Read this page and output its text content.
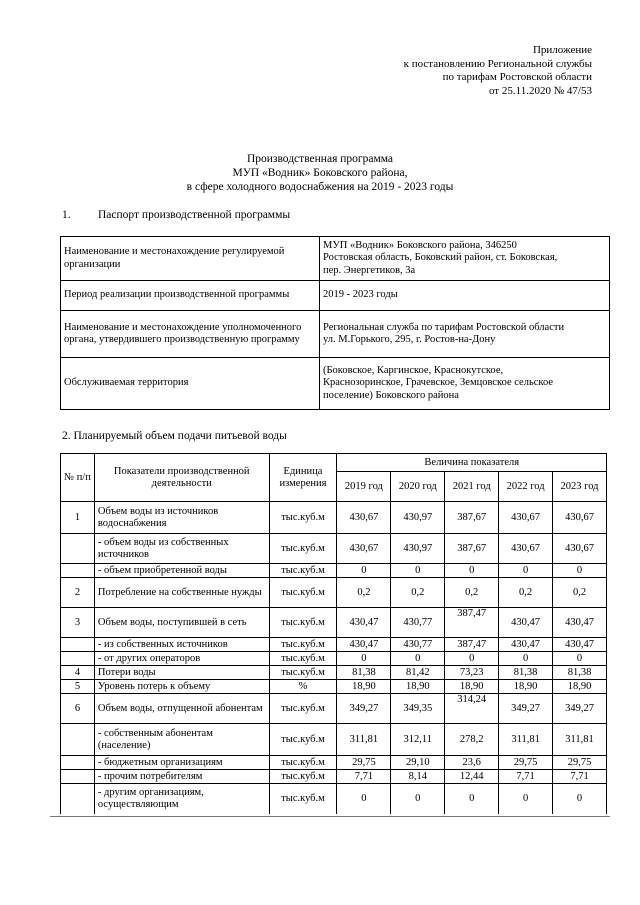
Приложение
к постановлению Региональной службы
по тарифам Ростовской области
от 25.11.2020 № 47/53
Производственная программа
МУП «Водник» Боковского района,
в сфере холодного водоснабжения на 2019 - 2023 годы
1. Паспорт производственной программы
Наименование и местонахождение регулируемой организации	МУП «Водник» Боковского района, 346250
Ростовская область, Боковский район, ст. Боковская,
пер. Энергетиков, 3а

Период реализации производственной программы	2019 - 2023 годы

Наименование и местонахождение уполномоченного органа, утвердившего производственную программу	Региональная служба по тарифам Ростовской области
ул. М.Горького, 295, г. Ростов-на-Дону

Обслуживаемая территория	(Боковское, Каргинское, Краснокутское,
Краснозоринское, Грачевское, Земцовское сельское
поселение) Боковского района
2. Планируемый объем подачи питьевой воды
№ п/п	Показатели производственной деятельности	Единица измерения	Величина показателя				
			2019 год	2020 год	2021 год	2022 год	2023 год
1	Объем воды из источников водоснабжения	тыс.куб.м	430,67	430,97	387,67	430,67	430,67
	- объем воды из собственных источников	тыс.куб.м	430,67	430,97	387,67	430,67	430,67
	- объем приобретенной воды	тыс.куб.м	0	0	0	0	0
2	Потребление на собственные нужды	тыс.куб.м	0,2	0,2	0,2	0,2	0,2
3	Объем воды, поступившей в сеть	тыс.куб.м	430,47	430,77	387,47	430,47	430,47
	- из собственных источников	тыс.куб.м	430,47	430,77	387,47	430,47	430,47
	- от других операторов	тыс.куб.м	0	0	0	0	0
4	Потери воды	тыс.куб.м	81,38	81,42	73,23	81,38	81,38
5	Уровень потерь к объему	%	18,90	18,90	18,90	18,90	18,90
6	Объем воды, отпущенной абонентам	тыс.куб.м	349,27	349,35	314,24	349,27	349,27
	- собственным абонентам (население)	тыс.куб.м	311,81	312,11	278,2	311,81	311,81
	- бюджетным организациям	тыс.куб.м	29,75	29,10	23,6	29,75	29,75
	- прочим потребителям	тыс.куб.м	7,71	8,14	12,44	7,71	7,71
	- другим организациям, осуществляющим	тыс.куб.м	0	0	0	0	0
